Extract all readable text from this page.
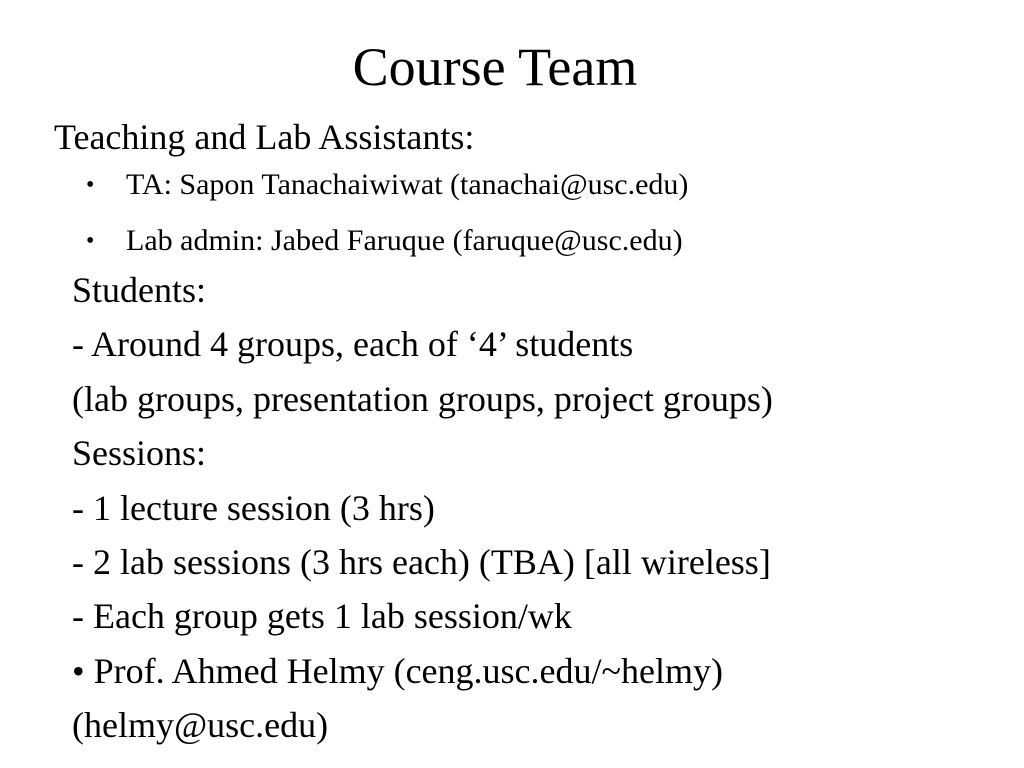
Course Team
Teaching and Lab Assistants:
• TA: Sapon Tanachaiwiwat (tanachai@usc.edu)
• Lab admin: Jabed Faruque (faruque@usc.edu)
Students:
- Around 4 groups, each of ‘4’ students
(lab groups, presentation groups, project groups)
Sessions:
- 1 lecture session (3 hrs)
- 2 lab sessions (3 hrs each) (TBA) [all wireless]
- Each group gets 1 lab session/wk
• Prof. Ahmed Helmy (ceng.usc.edu/~helmy)
(helmy@usc.edu)
